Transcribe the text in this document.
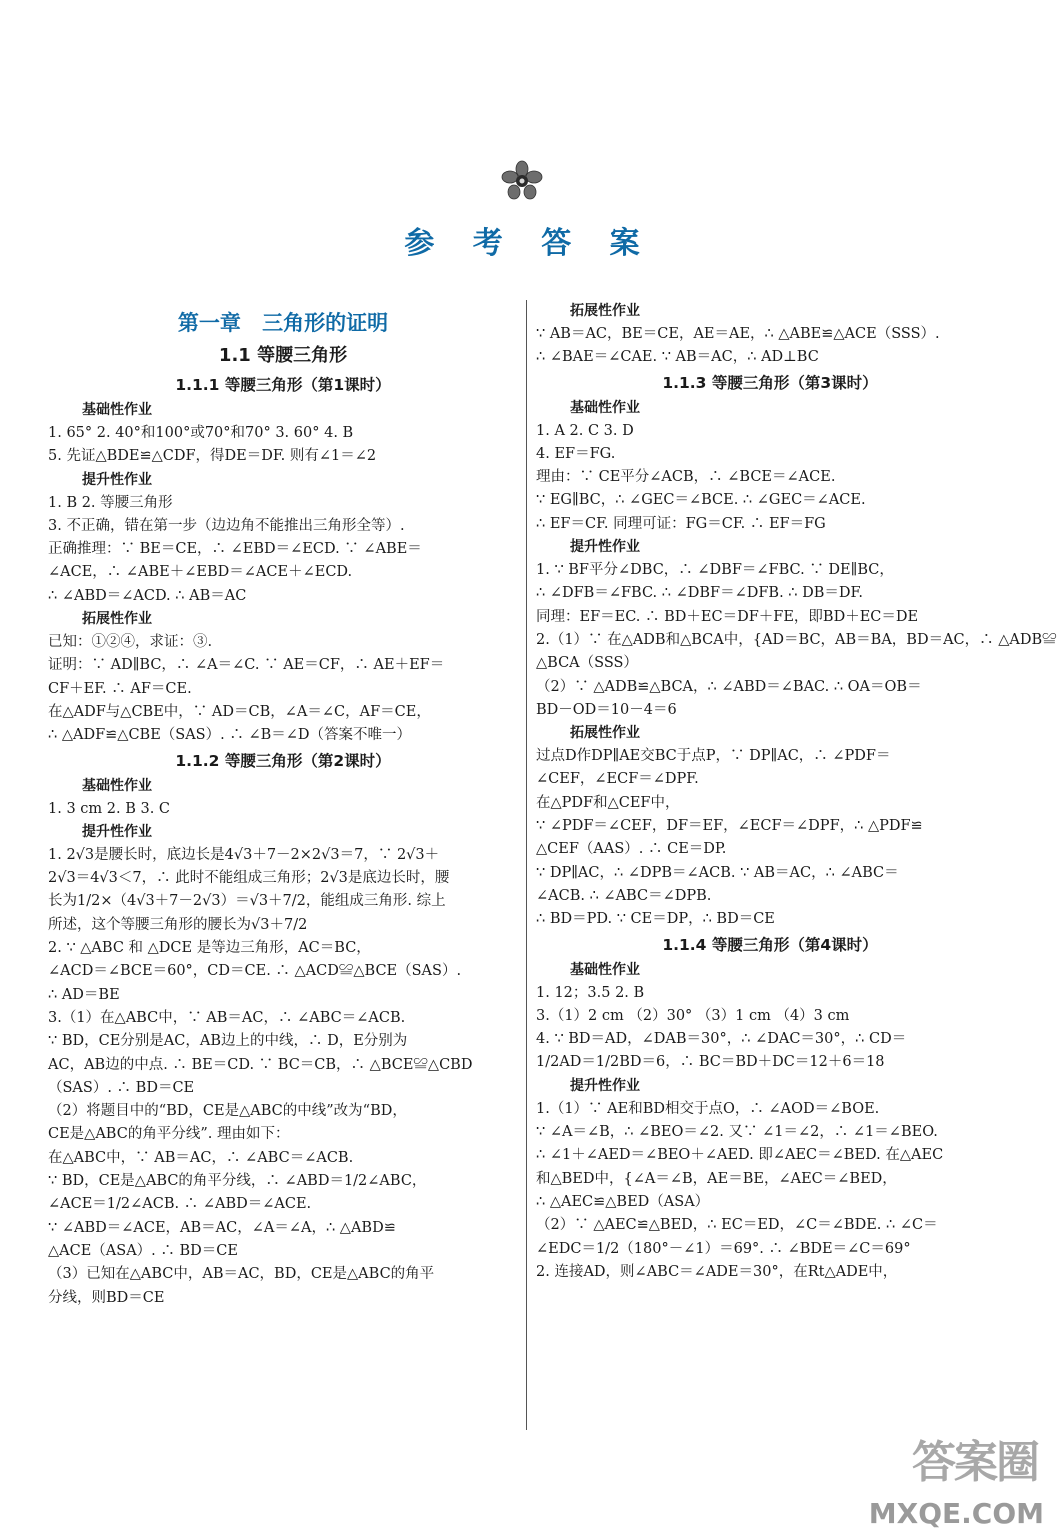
参 考 答 案
第一章 三角形的证明
1.1 等腰三角形
1.1.1 等腰三角形（第1课时）
基础性作业
1. 65° 2. 40°和100°或70°和70° 3. 60° 4. B
5. 先证△BDE≌△CDF，得DE＝DF. 则有∠1＝∠2
提升性作业
1. B 2. 等腰三角形
3. 不正确，错在第一步（边边角不能推出三角形全等）.
正确推理：∵ BE＝CE，∴ ∠EBD＝∠ECD. ∵ ∠ABE＝
∠ACE，∴ ∠ABE＋∠EBD＝∠ACE＋∠ECD.
∴ ∠ABD＝∠ACD. ∴ AB＝AC
拓展性作业
已知：①②④，求证：③.
证明：∵ AD∥BC，∴ ∠A＝∠C. ∵ AE＝CF，∴ AE＋EF＝
CF＋EF. ∴ AF＝CE.
在△ADF与△CBE中，∵ AD＝CB，∠A＝∠C，AF＝CE，
∴ △ADF≌△CBE（SAS）. ∴ ∠B＝∠D（答案不唯一）
1.1.2 等腰三角形（第2课时）
基础性作业
1. 3 cm 2. B 3. C
提升性作业
1. 2√3是腰长时，底边长是4√3＋7－2×2√3＝7，∵ 2√3＋
2√3＝4√3＜7，∴ 此时不能组成三角形；2√3是底边长时，腰
长为1/2×（4√3＋7－2√3）＝√3＋7/2，能组成三角形. 综上
所述，这个等腰三角形的腰长为√3＋7/2
2. ∵ △ABC 和 △DCE 是等边三角形，AC＝BC，
∠ACD＝∠BCE＝60°，CD＝CE. ∴ △ACD≌△BCE（SAS）.
∴ AD＝BE
3.（1）在△ABC中，∵ AB＝AC，∴ ∠ABC＝∠ACB.
∵ BD，CE分别是AC，AB边上的中线，∴ D，E分别为
AC，AB边的中点. ∴ BE＝CD. ∵ BC＝CB，∴ △BCE≌△CBD
（SAS）. ∴ BD＝CE
（2）将题目中的“BD，CE是△ABC的中线”改为“BD，
CE是△ABC的角平分线”. 理由如下：
在△ABC中，∵ AB＝AC，∴ ∠ABC＝∠ACB.
∵ BD，CE是△ABC的角平分线，∴ ∠ABD＝1/2∠ABC，
∠ACE＝1/2∠ACB. ∴ ∠ABD＝∠ACE.
∵ ∠ABD＝∠ACE，AB＝AC，∠A＝∠A，∴ △ABD≌
△ACE（ASA）. ∴ BD＝CE
（3）已知在△ABC中，AB＝AC，BD，CE是△ABC的角平
分线，则BD＝CE
拓展性作业
∵ AB＝AC，BE＝CE，AE＝AE，∴ △ABE≌△ACE（SSS）.
∴ ∠BAE＝∠CAE. ∵ AB＝AC，∴ AD⊥BC
1.1.3 等腰三角形（第3课时）
基础性作业
1. A 2. C 3. D
4. EF＝FG.
理由：∵ CE平分∠ACB，∴ ∠BCE＝∠ACE.
∵ EG∥BC，∴ ∠GEC＝∠BCE. ∴ ∠GEC＝∠ACE.
∴ EF＝CF. 同理可证：FG＝CF. ∴ EF＝FG
提升性作业
1. ∵ BF平分∠DBC，∴ ∠DBF＝∠FBC. ∵ DE∥BC，
∴ ∠DFB＝∠FBC. ∴ ∠DBF＝∠DFB. ∴ DB＝DF.
同理：EF＝EC. ∴ BD＋EC＝DF＋FE，即BD＋EC＝DE
2.（1）∵ 在△ADB和△BCA中，{AD＝BC，AB＝BA，BD＝AC，∴ △ADB≌
△BCA（SSS）
（2）∵ △ADB≌△BCA，∴ ∠ABD＝∠BAC. ∴ OA＝OB＝
BD－OD＝10－4＝6
拓展性作业
过点D作DP∥AE交BC于点P，∵ DP∥AC，∴ ∠PDF＝
∠CEF，∠ECF＝∠DPF.
在△PDF和△CEF中，
∵ ∠PDF＝∠CEF，DF＝EF，∠ECF＝∠DPF，∴ △PDF≌
△CEF（AAS）. ∴ CE＝DP.
∵ DP∥AC，∴ ∠DPB＝∠ACB. ∵ AB＝AC，∴ ∠ABC＝
∠ACB. ∴ ∠ABC＝∠DPB.
∴ BD＝PD. ∵ CE＝DP，∴ BD＝CE
1.1.4 等腰三角形（第4课时）
基础性作业
1. 12；3.5 2. B
3.（1）2 cm （2）30° （3）1 cm （4）3 cm
4. ∵ BD＝AD，∠DAB＝30°，∴ ∠DAC＝30°，∴ CD＝
1/2AD＝1/2BD＝6，∴ BC＝BD＋DC＝12＋6＝18
提升性作业
1.（1）∵ AE和BD相交于点O，∴ ∠AOD＝∠BOE.
∵ ∠A＝∠B，∴ ∠BEO＝∠2. 又∵ ∠1＝∠2，∴ ∠1＝∠BEO.
∴ ∠1＋∠AED＝∠BEO＋∠AED. 即∠AEC＝∠BED. 在△AEC
和△BED中，{∠A＝∠B，AE＝BE，∠AEC＝∠BED，
∴ △AEC≌△BED（ASA）
（2）∵ △AEC≌△BED，∴ EC＝ED，∠C＝∠BDE. ∴ ∠C＝
∠EDC＝1/2（180°－∠1）＝69°. ∴ ∠BDE＝∠C＝69°
2. 连接AD，则∠ABC＝∠ADE＝30°，在Rt△ADE中，
答案圈
MXQE.COM
